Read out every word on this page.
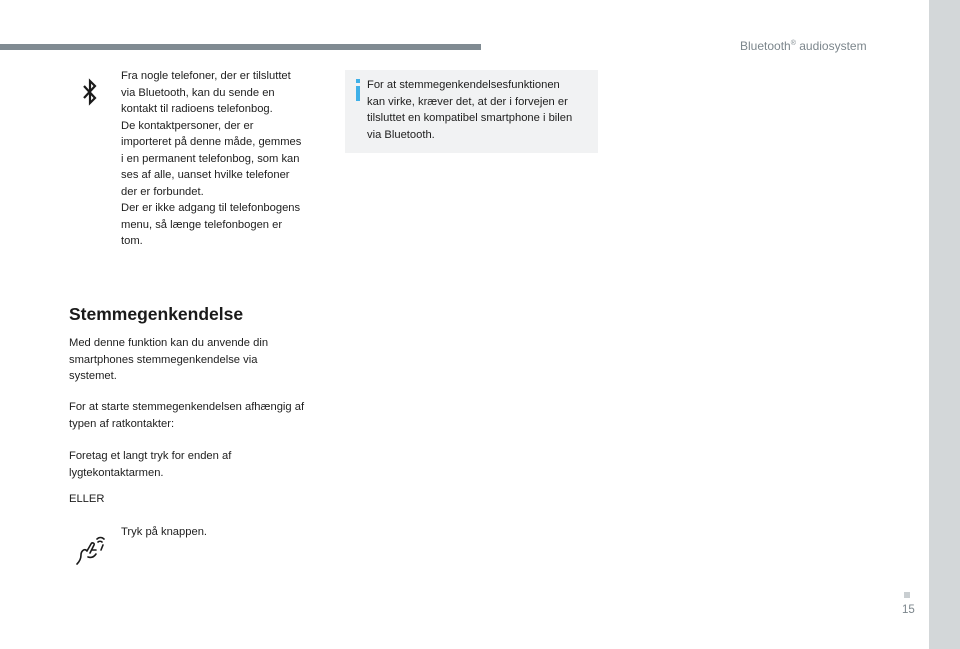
Bluetooth® audiosystem

Fra nogle telefoner, der er tilsluttet
via Bluetooth, kan du sende en
kontakt til radioens telefonbog.
De kontaktpersoner, der er
importeret på denne måde, gemmes
i en permanent telefonbog, som kan
ses af alle, uanset hvilke telefoner
der er forbundet.
Der er ikke adgang til telefonbogens
menu, så længe telefonbogen er
tom.

For at stemmegenkendelsesfunktionen
kan virke, kræver det, at der i forvejen er
tilsluttet en kompatibel smartphone i bilen
via Bluetooth.

Stemmegenkendelse

Med denne funktion kan du anvende din
smartphones stemmegenkendelse via
systemet.

For at starte stemmegenkendelsen afhængig af
typen af ratkontakter:

Foretag et langt tryk for enden af
lygtekontaktarmen.

ELLER

Tryk på knappen.

15
